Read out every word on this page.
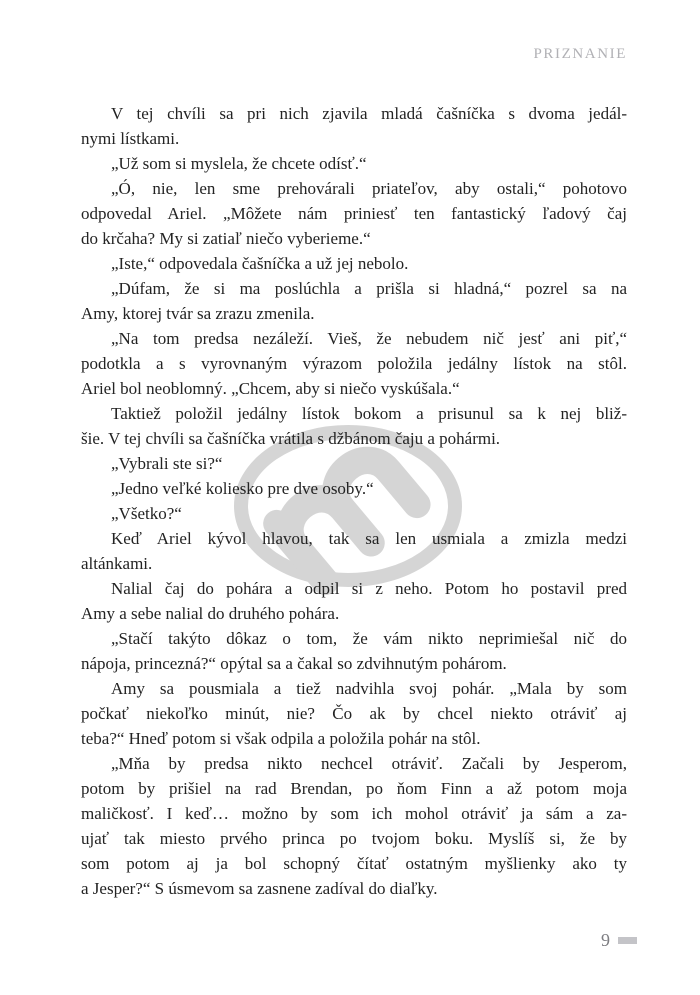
PRIZNANIE
V tej chvíli sa pri nich zjavila mladá čašníčka s dvoma jedál-
nymi lístkami.
„Už som si myslela, že chcete odísť.“
„Ó, nie, len sme prehovárali priateľov, aby ostali,“ pohotovo
odpovedal Ariel. „Môžete nám priniesť ten fantastický ľadový čaj
do krčaha? My si zatiaľ niečo vyberieme.“
„Iste,“ odpovedala čašníčka a už jej nebolo.
„Dúfam, že si ma poslúchla a prišla si hladná,“ pozrel sa na
Amy, ktorej tvár sa zrazu zmenila.
„Na tom predsa nezáleží. Vieš, že nebudem nič jesť ani piť,“
podotkla a s vyrovnaným výrazom položila jedálny lístok na stôl.
Ariel bol neoblomný. „Chcem, aby si niečo vyskúšala.“
Taktiež položil jedálny lístok bokom a prisunul sa k nej bliž-
šie. V tej chvíli sa čašníčka vrátila s džbánom čaju a pohármi.
„Vybrali ste si?“
„Jedno veľké koliesko pre dve osoby.“
„Všetko?“
Keď Ariel kývol hlavou, tak sa len usmiala a zmizla medzi
altánkami.
Nalial čaj do pohára a odpil si z neho. Potom ho postavil pred
Amy a sebe nalial do druhého pohára.
„Stačí takýto dôkaz o tom, že vám nikto neprimiešal nič do
nápoja, princezná?“ opýtal sa a čakal so zdvihnutým pohárom.
Amy sa pousmiala a tiež nadvihla svoj pohár. „Mala by som
počkať niekoľko minút, nie? Čo ak by chcel niekto otráviť aj
teba?“ Hneď potom si však odpila a položila pohár na stôl.
„Mňa by predsa nikto nechcel otráviť. Začali by Jesperom,
potom by prišiel na rad Brendan, po ňom Finn a až potom moja
maličkosť. I keď… možno by som ich mohol otráviť ja sám a za-
ujať tak miesto prvého princa po tvojom boku. Myslíš si, že by
som potom aj ja bol schopný čítať ostatným myšlienky ako ty
a Jesper?“ S úsmevom sa zasnene zadíval do diaľky.
9
